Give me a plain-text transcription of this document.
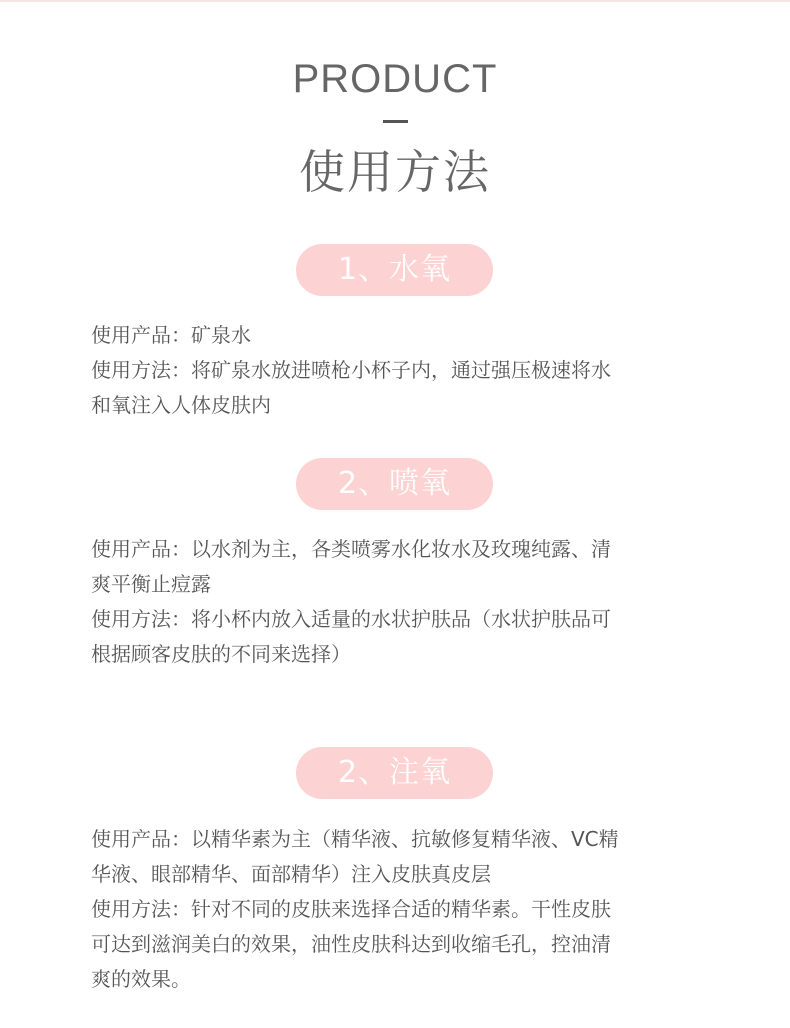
PRODUCT
使用方法
1、水氧
使用产品：矿泉水
使用方法：将矿泉水放进喷枪小杯子内，通过强压极速将水
和氧注入人体皮肤内
2、喷氧
使用产品：以水剂为主，各类喷雾水化妆水及玫瑰纯露、清
爽平衡止痘露
使用方法：将小杯内放入适量的水状护肤品（水状护肤品可
根据顾客皮肤的不同来选择）
2、注氧
使用产品：以精华素为主（精华液、抗敏修复精华液、VC精
华液、眼部精华、面部精华）注入皮肤真皮层
使用方法：针对不同的皮肤来选择合适的精华素。干性皮肤
可达到滋润美白的效果，油性皮肤科达到收缩毛孔，控油清
爽的效果。
